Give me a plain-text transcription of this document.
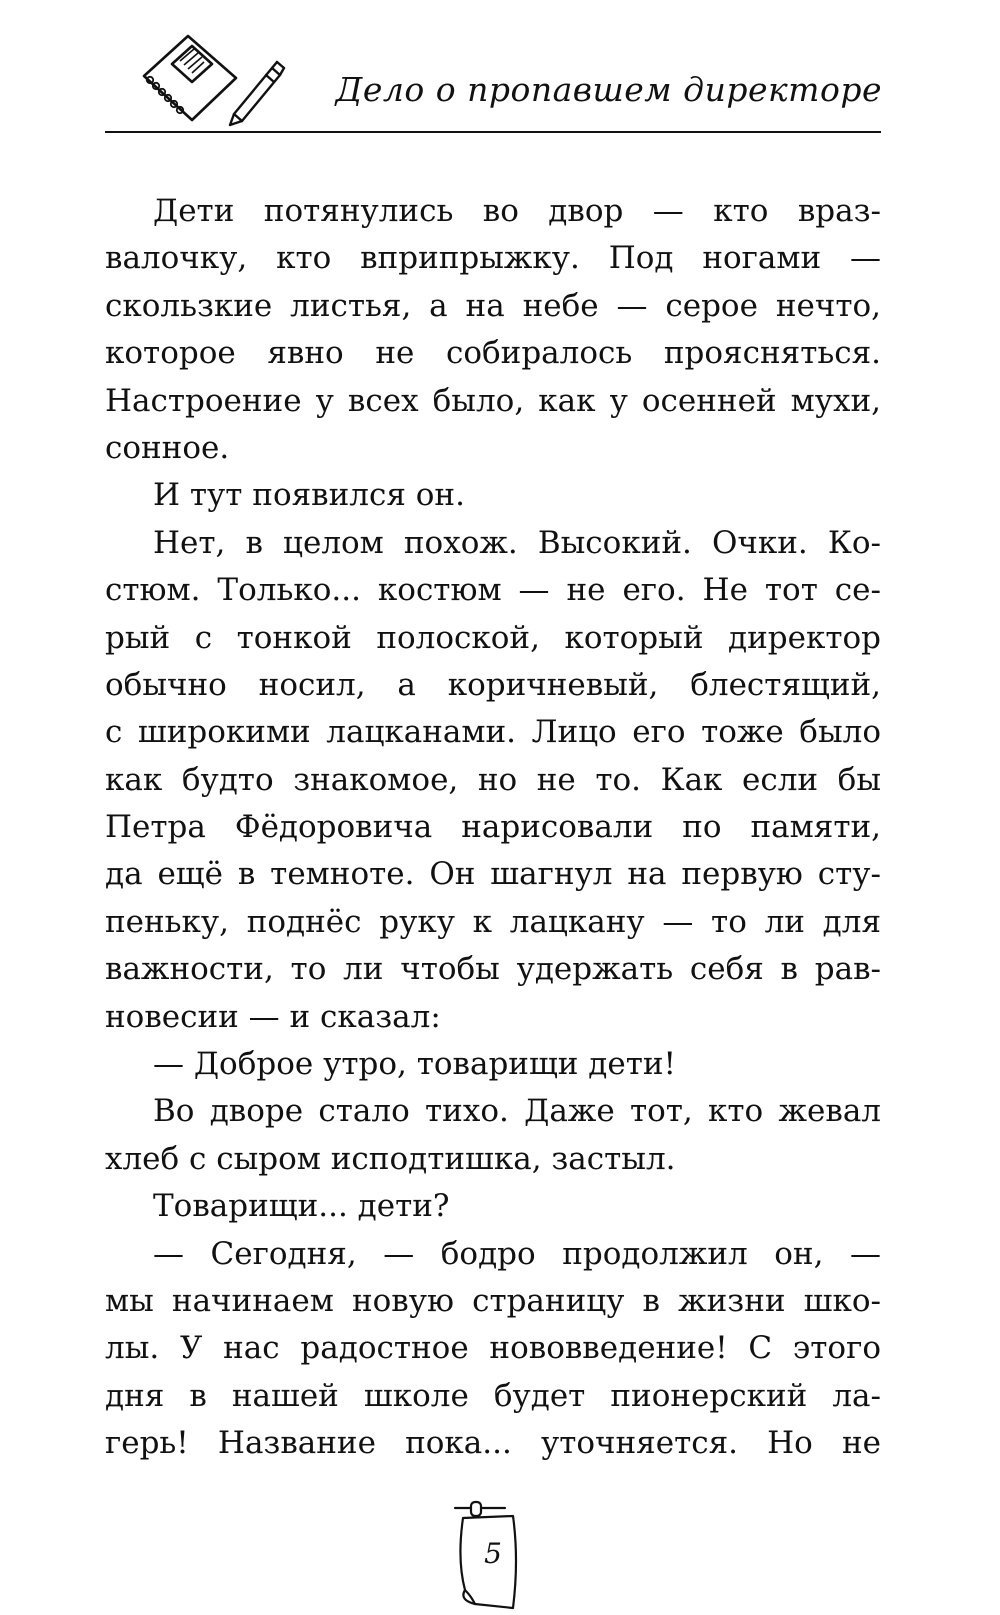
Дело о пропавшем директоре
Дети потянулись во двор — кто враз-
валочку, кто вприпрыжку. Под ногами —
скользкие листья, а на небе — серое нечто,
которое явно не собиралось проясняться.
Настроение у всех было, как у осенней мухи,
сонное.
И тут появился он.
Нет, в целом похож. Высокий. Очки. Ко-
стюм. Только... костюм — не его. Не тот се-
рый с тонкой полоской, который директор
обычно носил, а коричневый, блестящий,
с широкими лацканами. Лицо его тоже было
как будто знакомое, но не то. Как если бы
Петра Фёдоровича нарисовали по памяти,
да ещё в темноте. Он шагнул на первую сту-
пеньку, поднёс руку к лацкану — то ли для
важности, то ли чтобы удержать себя в рав-
новесии — и сказал:
— Доброе утро, товарищи дети!
Во дворе стало тихо. Даже тот, кто жевал
хлеб с сыром исподтишка, застыл.
Товарищи... дети?
— Сегодня, — бодро продолжил он, —
мы начинаем новую страницу в жизни шко-
лы. У нас радостное нововведение! С этого
дня в нашей школе будет пионерский ла-
герь! Название пока... уточняется. Но не
5
